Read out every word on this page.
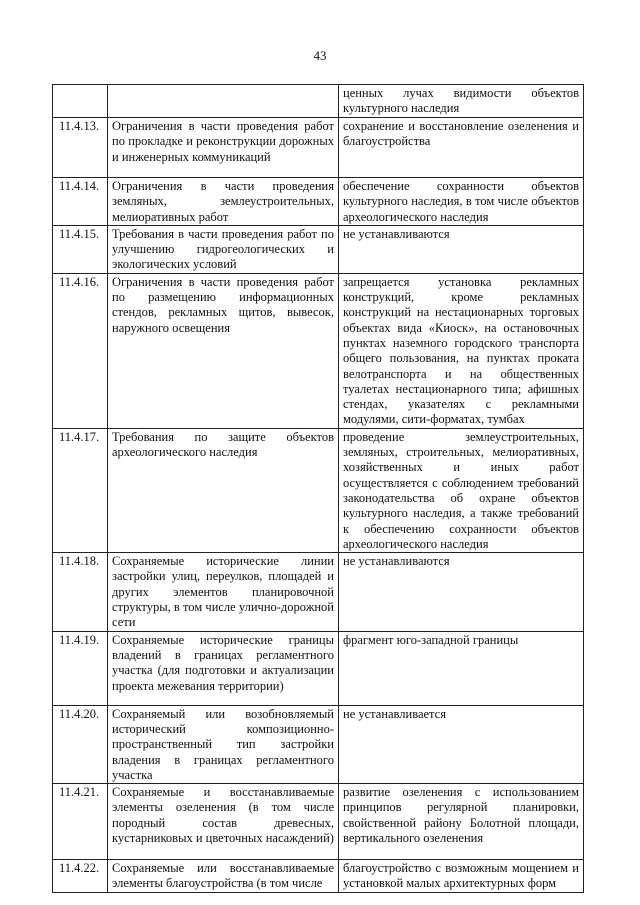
43
		ценных лучах видимости объектов культурного наследия
11.4.13.	Ограничения в части проведения работ по прокладке и реконструкции дорожных и инженерных коммуникаций	сохранение и восстановление озеленения и благоустройства
11.4.14.	Ограничения в части проведения земляных, землеустроительных, мелиоративных работ	обеспечение сохранности объектов культурного наследия, в том числе объектов археологического наследия
11.4.15.	Требования в части проведения работ по улучшению гидрогеологических и экологических условий	не устанавливаются
11.4.16.	Ограничения в части проведения работ по размещению информационных стендов, рекламных щитов, вывесок, наружного освещения	запрещается установка рекламных конструкций, кроме рекламных конструкций на нестационарных торговых объектах вида «Киоск», на остановочных пунктах наземного городского транспорта общего пользования, на пунктах проката велотранспорта и на общественных туалетах нестационарного типа; афишных стендах, указателях с рекламными модулями, сити-форматах, тумбах
11.4.17.	Требования по защите объектов археологического наследия	проведение землеустроительных, земляных, строительных, мелиоративных, хозяйственных и иных работ осуществляется с соблюдением требований законодательства об охране объектов культурного наследия, а также требований к обеспечению сохранности объектов археологического наследия
11.4.18.	Сохраняемые исторические линии застройки улиц, переулков, площадей и других элементов планировочной структуры, в том числе улично-дорожной сети	не устанавливаются
11.4.19.	Сохраняемые исторические границы владений в границах регламентного участка (для подготовки и актуализации проекта межевания территории)	фрагмент юго-западной границы
11.4.20.	Сохраняемый или возобновляемый исторический композиционно-пространственный тип застройки владения в границах регламентного участка	не устанавливается
11.4.21.	Сохраняемые и восстанавливаемые элементы озеленения (в том числе породный состав древесных, кустарниковых и цветочных насаждений)	развитие озеленения с использованием принципов регулярной планировки, свойственной району Болотной площади, вертикального озеленения
11.4.22.	Сохраняемые или восстанавливаемые элементы благоустройства (в том числе	благоустройство с возможным мощением и установкой малых архитектурных форм
